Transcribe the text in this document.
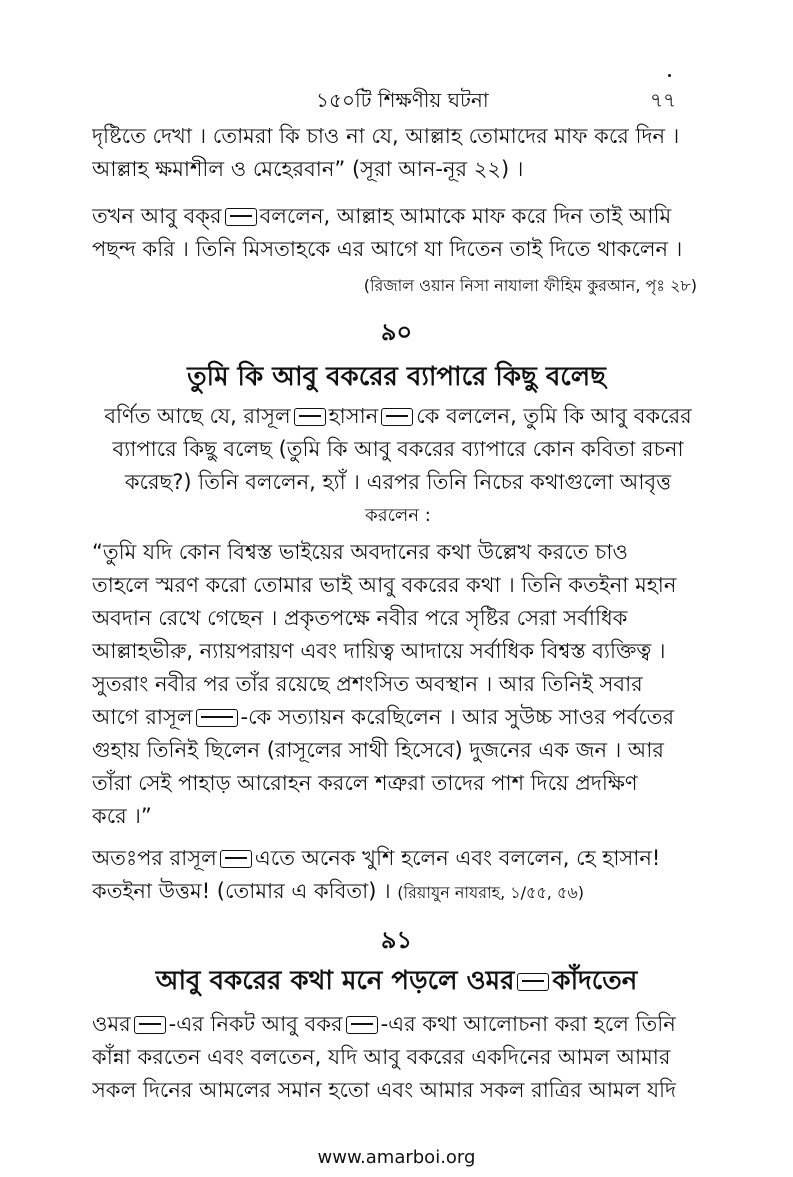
১৫০টি শিক্ষণীয় ঘটনা	৭৭

দৃষ্টিতে দেখা । তোমরা কি চাও না যে, আল্লাহ তোমাদের মাফ করে দিন ।
আল্লাহ ক্ষমাশীল ও মেহেরবান” (সূরা আন-নূর ২২) ।

তখন আবু বক্‌র বললেন, আল্লাহ আমাকে মাফ করে দিন তাই আমি
পছন্দ করি । তিনি মিসতাহকে এর আগে যা দিতেন তাই দিতে থাকলেন ।

(রিজাল ওয়ান নিসা নাযালা ফীহিম কুরআন, পৃঃ ২৮)
৯০
তুমি কি আবু বকরের ব্যাপারে কিছু বলেছ

বর্ণিত আছে যে, রাসূল হাসান কে বললেন, তুমি কি আবু বকরের
ব্যাপারে কিছু বলেছ (তুমি কি আবু বকরের ব্যাপারে কোন কবিতা রচনা
করেছ?) তিনি বললেন, হ্যাঁ । এরপর তিনি নিচের কথাগুলো আবৃত্ত
করলেন :

“তুমি যদি কোন বিশ্বস্ত ভাইয়ের অবদানের কথা উল্লেখ করতে চাও
তাহলে স্মরণ করো তোমার ভাই আবু বকরের কথা । তিনি কতইনা মহান
অবদান রেখে গেছেন । প্রকৃতপক্ষে নবীর পরে সৃষ্টির সেরা সর্বাধিক
আল্লাহভীরু, ন্যায়পরায়ণ এবং দায়িত্ব আদায়ে সর্বাধিক বিশ্বস্ত ব্যক্তিত্ব ।
সুতরাং নবীর পর তাঁর রয়েছে প্রশংসিত অবস্থান । আর তিনিই সবার
আগে রাসূল -কে সত্যায়ন করেছিলেন । আর সুউচ্চ সাওর পর্বতের
গুহায় তিনিই ছিলেন (রাসূলের সাথী হিসেবে) দুজনের এক জন । আর
তাঁরা সেই পাহাড় আরোহন করলে শত্রুরা তাদের পাশ দিয়ে প্রদক্ষিণ
করে ।”

অতঃপর রাসূল এতে অনেক খুশি হলেন এবং বললেন, হে হাসান!
কতইনা উত্তম! (তোমার এ কবিতা) । (রিয়াযুন নাযরাহ, ১/৫৫, ৫৬)

৯১
আবু বকরের কথা মনে পড়লে ওমর কাঁদতেন

ওমর -এর নিকট আবু বকর -এর কথা আলোচনা করা হলে তিনি
কাঁন্না করতেন এবং বলতেন, যদি আবু বকরের একদিনের আমল আমার
সকল দিনের আমলের সমান হতো এবং আমার সকল রাত্রির আমল যদি

www.amarboi.org
